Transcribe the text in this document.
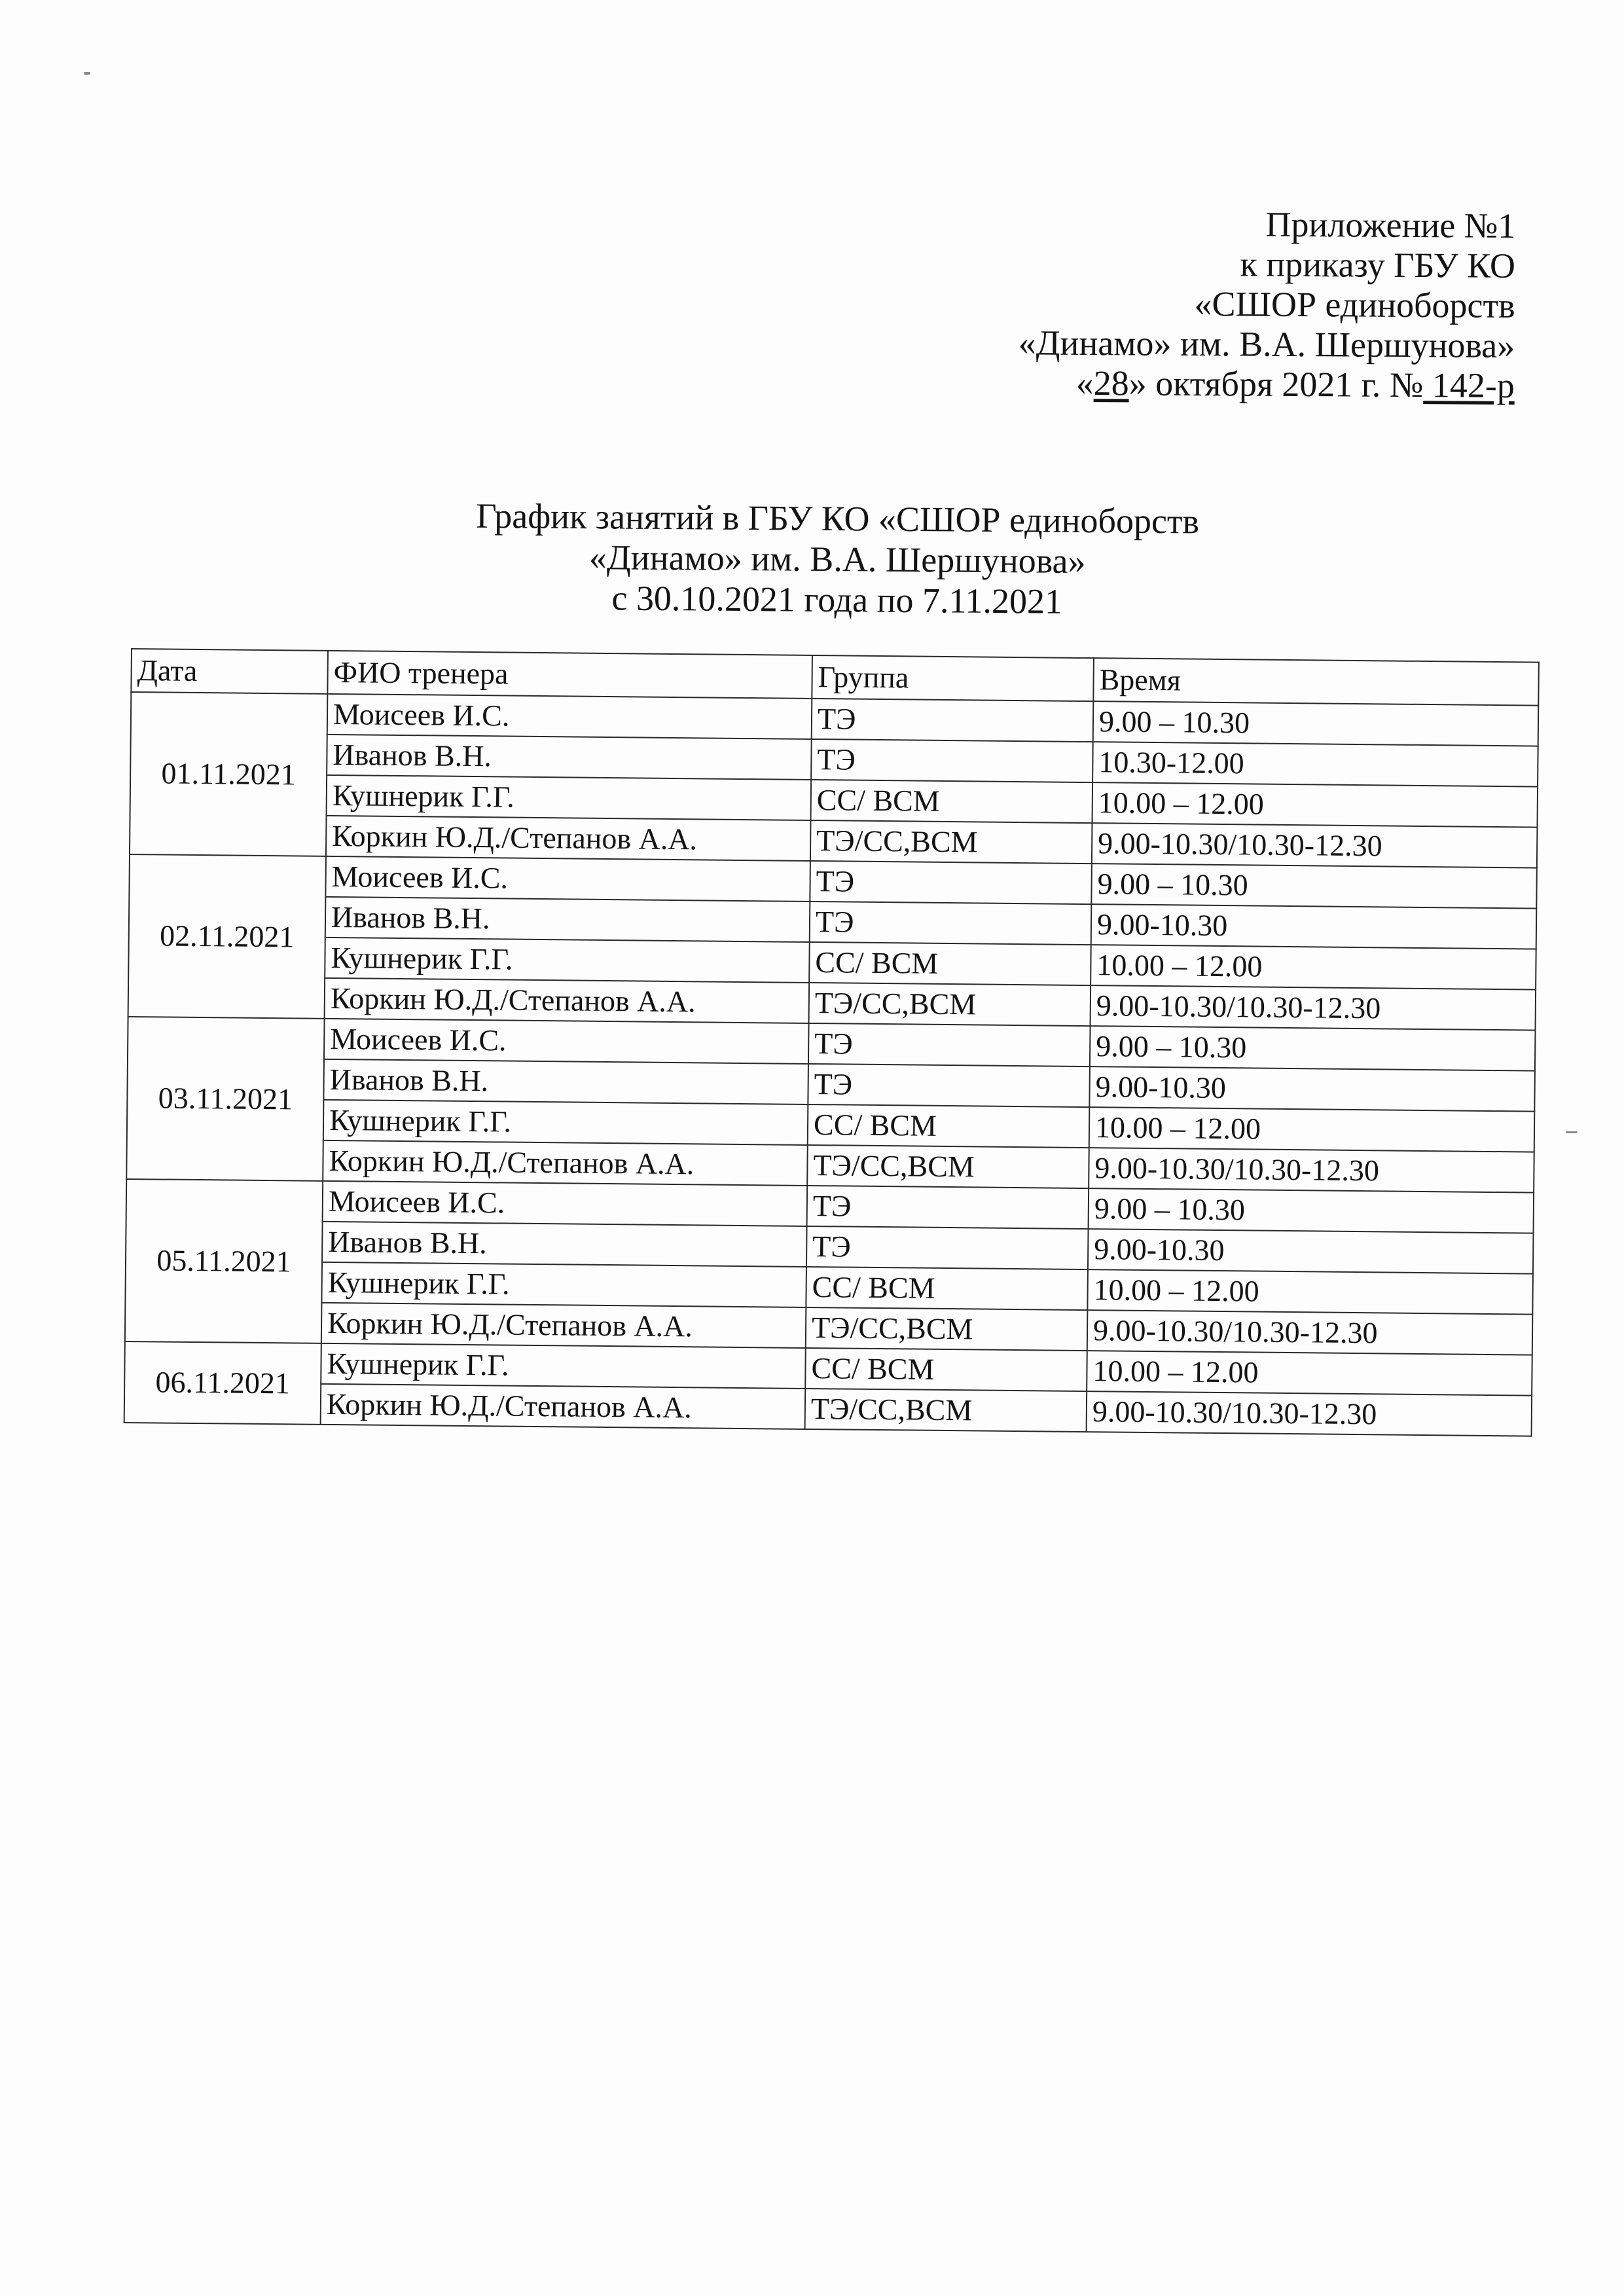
Приложение №1
к приказу ГБУ КО
«СШОР единоборств
«Динамо» им. В.А. Шершунова»
«28» октября 2021 г. № 142-р
График занятий в ГБУ КО «СШОР единоборств
«Динамо» им. В.А. Шершунова»
с 30.10.2021 года по 7.11.2021
Дата	ФИО тренера	Группа	Время
01.11.2021	Моисеев И.С.	ТЭ	9.00 – 10.30
	Иванов В.Н.	ТЭ	10.30-12.00
	Кушнерик Г.Г.	СС/ ВСМ	10.00 – 12.00
	Коркин Ю.Д./Степанов А.А.	ТЭ/СС,ВСМ	9.00-10.30/10.30-12.30
02.11.2021	Моисеев И.С.	ТЭ	9.00 – 10.30
	Иванов В.Н.	ТЭ	9.00-10.30
	Кушнерик Г.Г.	СС/ ВСМ	10.00 – 12.00
	Коркин Ю.Д./Степанов А.А.	ТЭ/СС,ВСМ	9.00-10.30/10.30-12.30
03.11.2021	Моисеев И.С.	ТЭ	9.00 – 10.30
	Иванов В.Н.	ТЭ	9.00-10.30
	Кушнерик Г.Г.	СС/ ВСМ	10.00 – 12.00
	Коркин Ю.Д./Степанов А.А.	ТЭ/СС,ВСМ	9.00-10.30/10.30-12.30
05.11.2021	Моисеев И.С.	ТЭ	9.00 – 10.30
	Иванов В.Н.	ТЭ	9.00-10.30
	Кушнерик Г.Г.	СС/ ВСМ	10.00 – 12.00
	Коркин Ю.Д./Степанов А.А.	ТЭ/СС,ВСМ	9.00-10.30/10.30-12.30
06.11.2021	Кушнерик Г.Г.	СС/ ВСМ	10.00 – 12.00
	Коркин Ю.Д./Степанов А.А.	ТЭ/СС,ВСМ	9.00-10.30/10.30-12.30
